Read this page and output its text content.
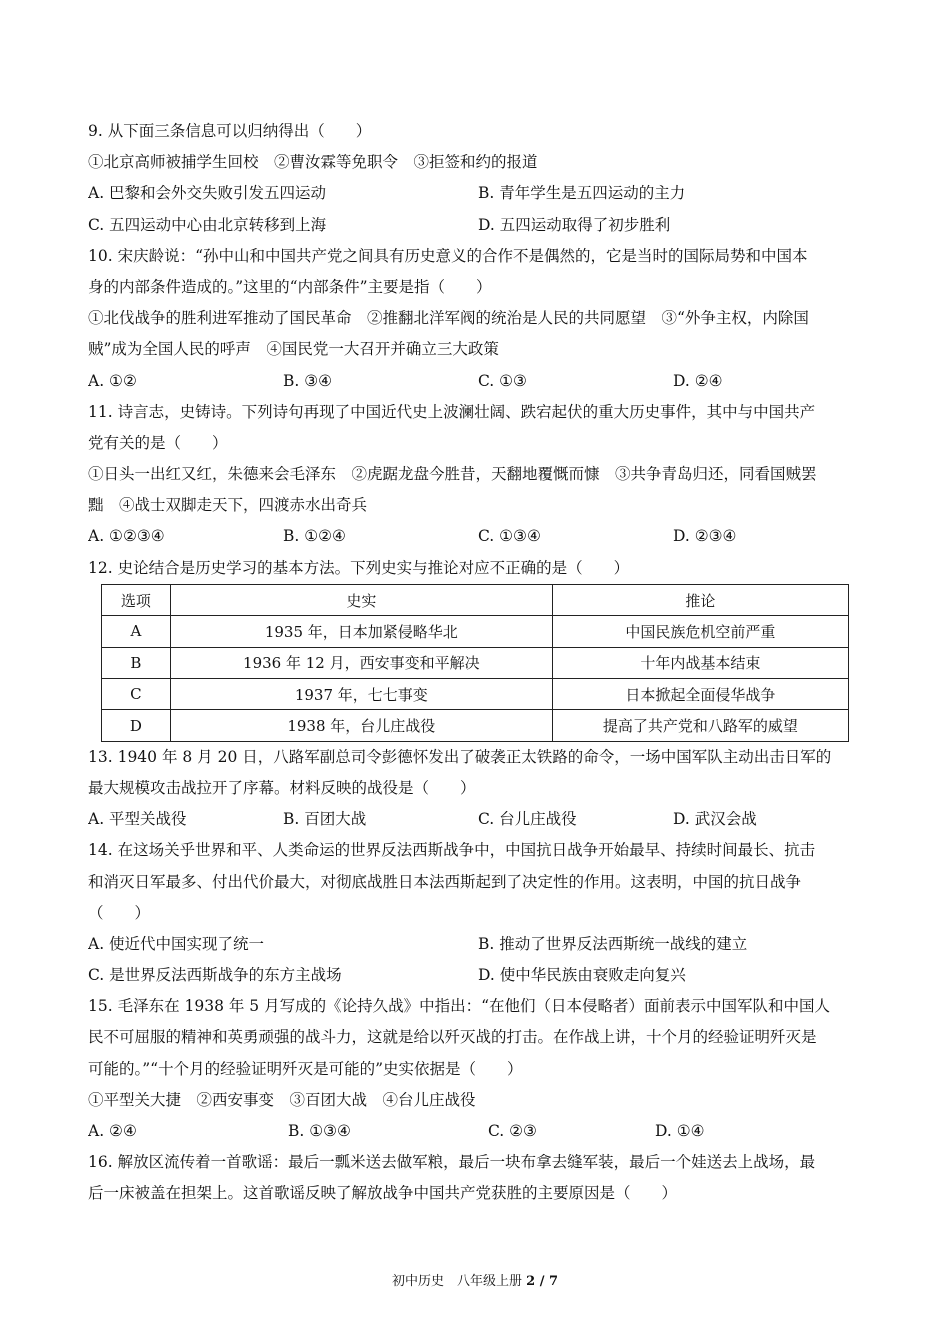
9. 从下面三条信息可以归纳得出（　　）
①北京高师被捕学生回校　②曹汝霖等免职令　③拒签和约的报道
A. 巴黎和会外交失败引发五四运动	B. 青年学生是五四运动的主力
C. 五四运动中心由北京转移到上海	D. 五四运动取得了初步胜利
10. 宋庆龄说：“孙中山和中国共产党之间具有历史意义的合作不是偶然的，它是当时的国际局势和中国本
身的内部条件造成的。”这里的“内部条件”主要是指（　　）
①北伐战争的胜利进军推动了国民革命　②推翻北洋军阀的统治是人民的共同愿望　③“外争主权，内除国
贼”成为全国人民的呼声　④国民党一大召开并确立三大政策
A. ①②	B. ③④	C. ①③	D. ②④
11. 诗言志，史铸诗。下列诗句再现了中国近代史上波澜壮阔、跌宕起伏的重大历史事件，其中与中国共产
党有关的是（　　）
①日头一出红又红，朱德来会毛泽东　②虎踞龙盘今胜昔，天翻地覆慨而慷　③共争青岛归还，同看国贼罢
黜　④战士双脚走天下，四渡赤水出奇兵
A. ①②③④	B. ①②④	C. ①③④	D. ②③④
12. 史论结合是历史学习的基本方法。下列史实与推论对应不正确的是（　　）
选项	史实	推论
A	1935 年，日本加紧侵略华北	中国民族危机空前严重
B	1936 年 12 月，西安事变和平解决	十年内战基本结束
C	1937 年，七七事变	日本掀起全面侵华战争
D	1938 年，台儿庄战役	提高了共产党和八路军的威望
13. 1940 年 8 月 20 日，八路军副总司令彭德怀发出了破袭正太铁路的命令，一场中国军队主动出击日军的
最大规模攻击战拉开了序幕。材料反映的战役是（　　）
A. 平型关战役	B. 百团大战	C. 台儿庄战役	D. 武汉会战
14. 在这场关乎世界和平、人类命运的世界反法西斯战争中，中国抗日战争开始最早、持续时间最长、抗击
和消灭日军最多、付出代价最大，对彻底战胜日本法西斯起到了决定性的作用。这表明，中国的抗日战争
（　　）
A. 使近代中国实现了统一	B. 推动了世界反法西斯统一战线的建立
C. 是世界反法西斯战争的东方主战场	D. 使中华民族由衰败走向复兴
15. 毛泽东在 1938 年 5 月写成的《论持久战》中指出：“在他们（日本侵略者）面前表示中国军队和中国人
民不可屈服的精神和英勇顽强的战斗力，这就是给以歼灭战的打击。在作战上讲，十个月的经验证明歼灭是
可能的。”“十个月的经验证明歼灭是可能的”史实依据是（　　）
①平型关大捷　②西安事变　③百团大战　④台儿庄战役
A. ②④	B. ①③④	C. ②③	D. ①④
16. 解放区流传着一首歌谣：最后一瓢米送去做军粮，最后一块布拿去缝军装，最后一个娃送去上战场，最
后一床被盖在担架上。这首歌谣反映了解放战争中国共产党获胜的主要原因是（　　）
初中历史　八年级上册 2 / 7
